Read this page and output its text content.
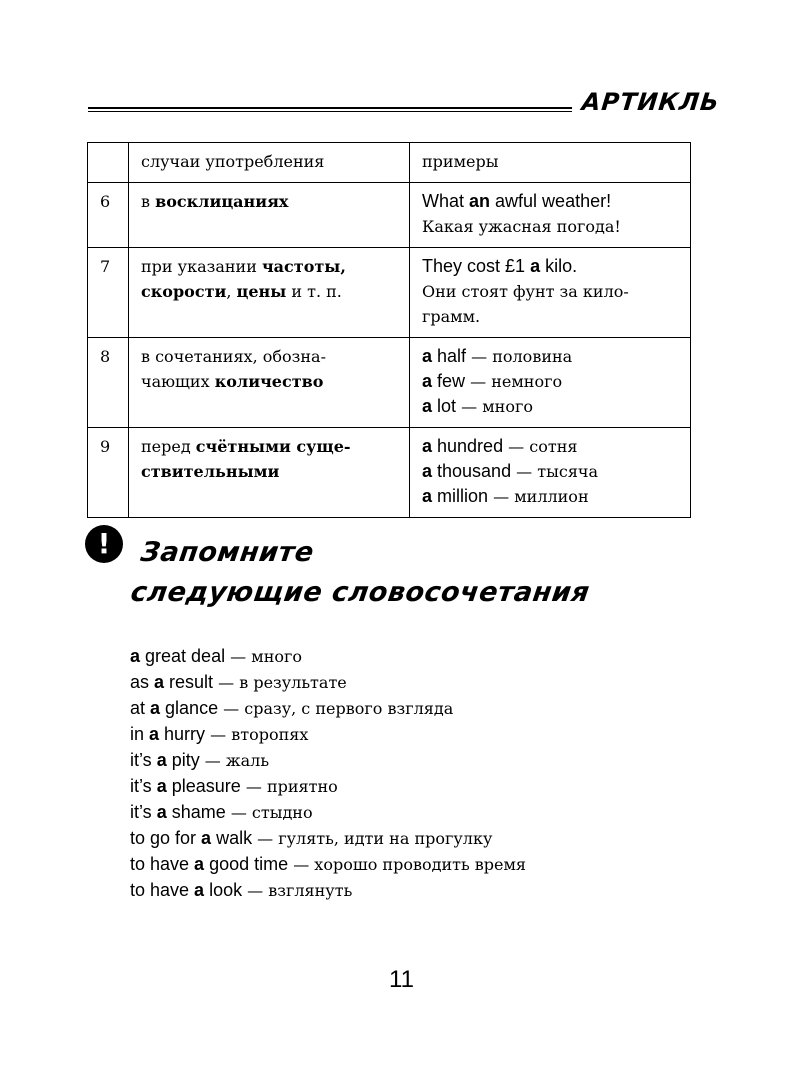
АРТИКЛЬ
	случаи употребления	примеры
6	в восклицаниях	What an awful weather!
Какая ужасная погода!

7	при указании частоты,
скорости, цены и т. п.	They cost £1 a kilo.
Они стоят фунт за кило-
грамм.

8	в сочетаниях, обозна-
чающих количество	a half — половина
a few — немного
a lot — много

9	перед счётными суще-
ствительными	a hundred — сотня
a thousand — тысяча
a million — миллион
!	Запомните
следующие словосочетания
a great deal — много
as a result — в результате
at a glance — сразу, с первого взгляда
in a hurry — второпях
it’s a pity — жаль
it’s a pleasure — приятно
it’s a shame — стыдно
to go for a walk — гулять, идти на прогулку
to have a good time — хорошо проводить время
to have a look — взглянуть
11
